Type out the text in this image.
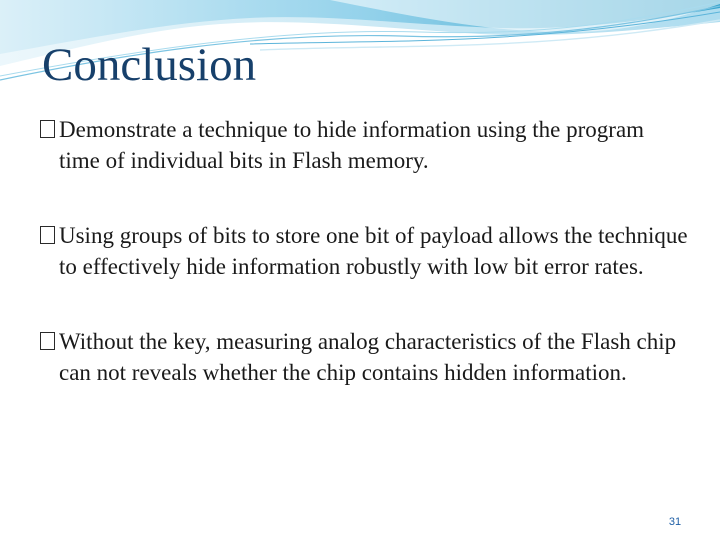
Conclusion
Demonstrate a technique to hide information using the program time of individual bits in Flash memory.
Using groups of bits to store one bit of payload allows the technique to effectively hide information robustly with low bit error rates.
Without the key, measuring analog characteristics of the Flash chip can not reveals whether the chip contains hidden information.
31
